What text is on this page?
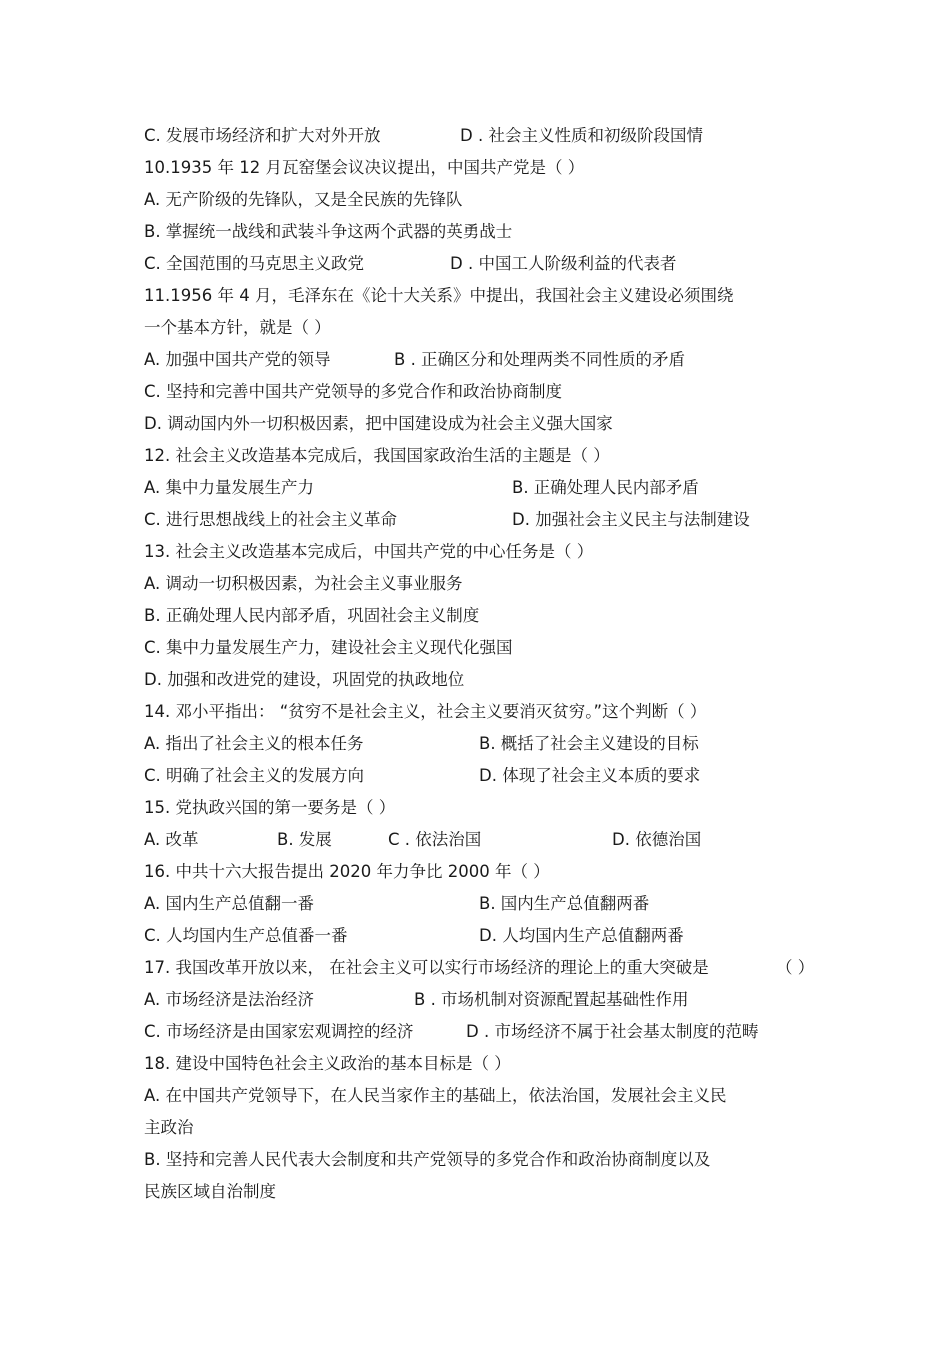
C. 发展市场经济和扩大对外开放	D . 社会主义性质和初级阶段国情
10.1935 年 12 月瓦窑堡会议决议提出，中国共产党是（ ）
A. 无产阶级的先锋队，又是全民族的先锋队
B. 掌握统一战线和武装斗争这两个武器的英勇战士
C. 全国范围的马克思主义政党	D . 中国工人阶级利益的代表者
11.1956 年 4 月，毛泽东在《论十大关系》中提出，我国社会主义建设必须围绕
一个基本方针，就是（ ）
A. 加强中国共产党的领导	B . 正确区分和处理两类不同性质的矛盾
C. 坚持和完善中国共产党领导的多党合作和政治协商制度
D. 调动国内外一切积极因素，把中国建设成为社会主义强大国家
12. 社会主义改造基本完成后，我国国家政治生活的主题是（ ）
A. 集中力量发展生产力	B. 正确处理人民内部矛盾
C. 进行思想战线上的社会主义革命	D. 加强社会主义民主与法制建设
13. 社会主义改造基本完成后，中国共产党的中心任务是（ ）
A. 调动一切积极因素，为社会主义事业服务
B. 正确处理人民内部矛盾，巩固社会主义制度
C. 集中力量发展生产力，建设社会主义现代化强国
D. 加强和改进党的建设，巩固党的执政地位
14. 邓小平指出： “贫穷不是社会主义，社会主义要消灭贫穷。”这个判断（ ）
A. 指出了社会主义的根本任务	B. 概括了社会主义建设的目标
C. 明确了社会主义的发展方向	D. 体现了社会主义本质的要求
15. 党执政兴国的第一要务是（ ）
A. 改革	B. 发展	C . 依法治国	D. 依德治国
16. 中共十六大报告提出 2020 年力争比 2000 年（ ）
A. 国内生产总值翻一番	B. 国内生产总值翻两番
C. 人均国内生产总值番一番	D. 人均国内生产总值翻两番
17. 我国改革开放以来， 在社会主义可以实行市场经济的理论上的重大突破是	（ ）
A. 市场经济是法治经济	B . 市场机制对资源配置起基础性作用
C. 市场经济是由国家宏观调控的经济	D . 市场经济不属于社会基太制度的范畴
18. 建设中国特色社会主义政治的基本目标是（ ）
A. 在中国共产党领导下，在人民当家作主的基础上，依法治国，发展社会主义民
主政治
B. 坚持和完善人民代表大会制度和共产党领导的多党合作和政治协商制度以及
民族区域自治制度
